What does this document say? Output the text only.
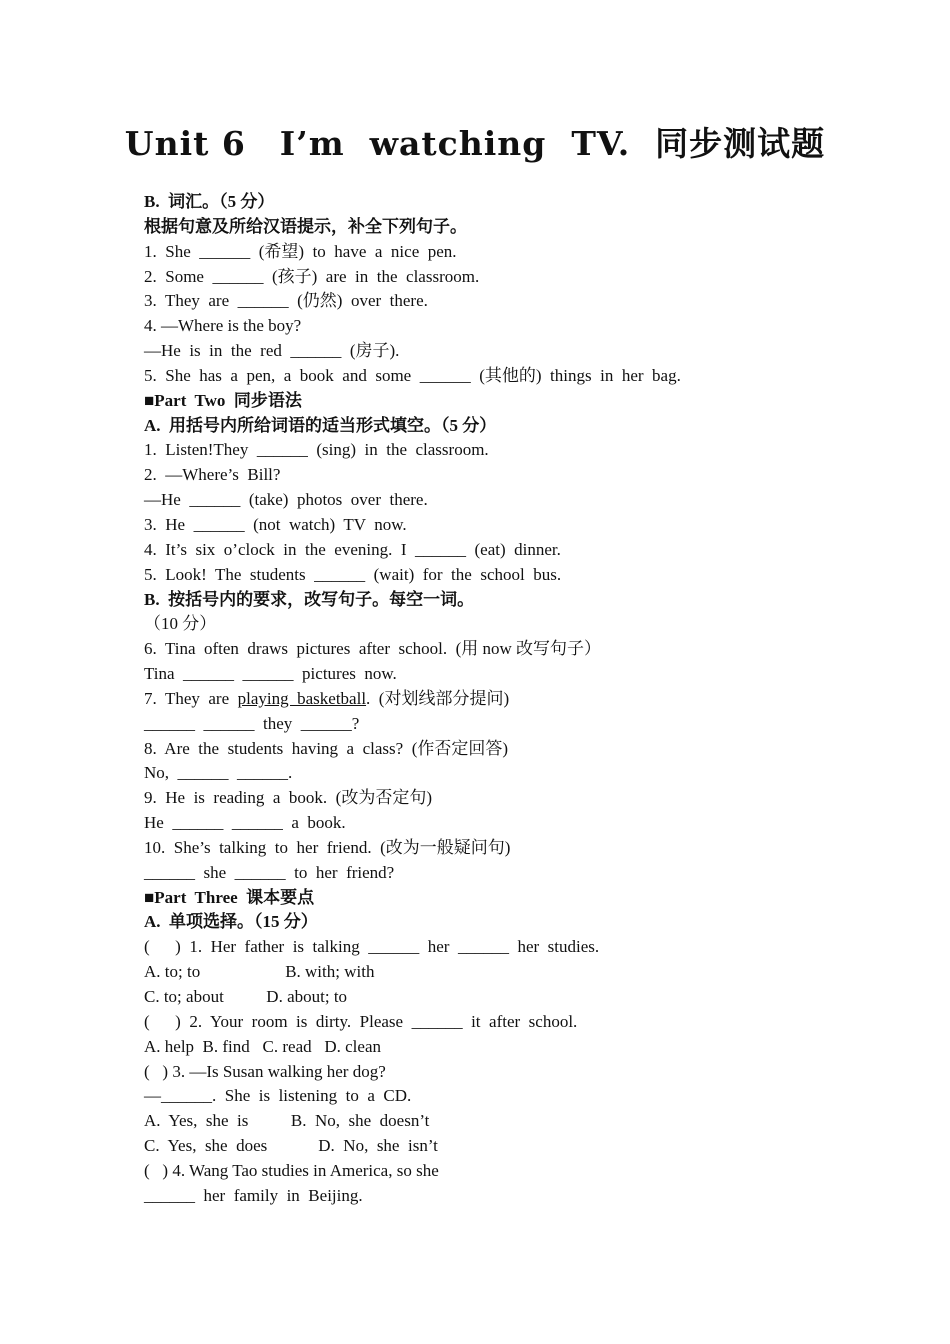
Unit 6　I’m  watching  TV.  同步测试题
B.  词汇。（5 分）
根据句意及所给汉语提示，补全下列句子。
1.  She  ______  (希望)  to  have  a  nice  pen.
2.  Some  ______  (孩子)  are  in  the  classroom.
3.  They  are  ______  (仍然)  over  there.
4. —Where is the boy?
—He  is  in  the  red  ______  (房子).
5.  She  has  a  pen,  a  book  and  some  ______  (其他的)  things  in  her  bag.
■Part  Two  同步语法
A.  用括号内所给词语的适当形式填空。（5 分）
1.  Listen!They  ______  (sing)  in  the  classroom.
2.  —Where’s  Bill?
—He  ______  (take)  photos  over  there.
3.  He  ______  (not  watch)  TV  now.
4.  It’s  six  o’clock  in  the  evening.  I  ______  (eat)  dinner.
5.  Look!  The  students  ______  (wait)  for  the  school  bus.
B.  按括号内的要求，改写句子。每空一词。
（10 分）
6.  Tina  often  draws  pictures  after  school.  (用 now 改写句子）
Tina  ______  ______  pictures  now.
7.  They  are  playing  basketball.  (对划线部分提问)
______  ______  they  ______?
8.  Are  the  students  having  a  class?  (作否定回答)
No,  ______  ______.
9.  He  is  reading  a  book.  (改为否定句)
He  ______  ______  a  book.
10.  She’s  talking  to  her  friend.  (改为一般疑问句)
______  she  ______  to  her  friend?
■Part  Three  课本要点
A.  单项选择。（15 分）
(      )  1.  Her  father  is  talking  ______  her  ______  her  studies.
A. to; to                    B. with; with
C. to; about          D. about; to
(      )  2.  Your  room  is  dirty.  Please  ______  it  after  school.
A. help  B. find   C. read   D. clean
(   ) 3. —Is Susan walking her dog?
—______.  She  is  listening  to  a  CD.
A.  Yes,  she  is          B.  No,  she  doesn’t
C.  Yes,  she  does            D.  No,  she  isn’t
(   ) 4. Wang Tao studies in America, so she
______  her  family  in  Beijing.
